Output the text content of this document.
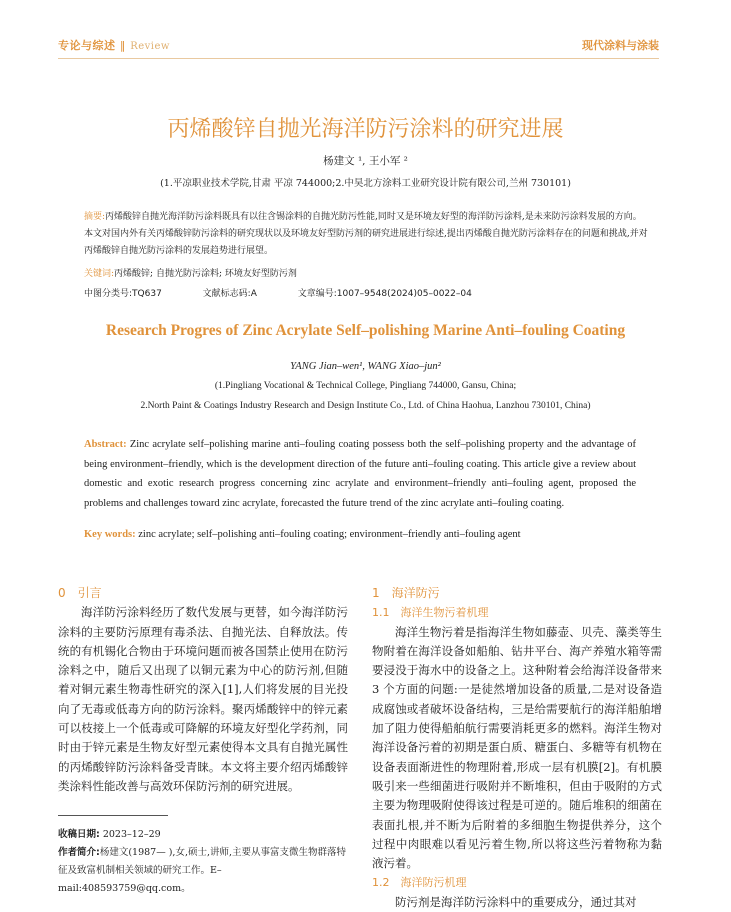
专论与综述 ‖ Review	现代涂料与涂装
丙烯酸锌自抛光海洋防污涂料的研究进展
杨建文 ¹, 王小军 ²
(1.平凉职业技术学院,甘肃 平凉 744000;2.中昊北方涂料工业研究设计院有限公司,兰州 730101)
摘要:丙烯酸锌自抛光海洋防污涂料既具有以往含锡涂料的自抛光防污性能,同时又是环境友好型的海洋防污涂料,是未来防污涂料发展的方向。本文对国内外有关丙烯酸锌防污涂料的研究现状以及环境友好型防污剂的研究进展进行综述,提出丙烯酸自抛光防污涂料存在的问题和挑战,并对丙烯酸锌自抛光防污涂料的发展趋势进行展望。
关键词:丙烯酸锌; 自抛光防污涂料; 环境友好型防污剂
中图分类号:TQ637	文献标志码:A	文章编号:1007–9548(2024)05–0022–04
Research Progres of Zinc Acrylate Self–polishing Marine Anti–fouling Coating
YANG Jian–wen¹, WANG Xiao–jun²
(1.Pingliang Vocational & Technical College, Pingliang 744000, Gansu, China;
2.North Paint & Coatings Industry Research and Design Institute Co., Ltd. of China Haohua, Lanzhou 730101, China)
Abstract: Zinc acrylate self–polishing marine anti–fouling coating possess both the self–polishing property and the advantage of being environment–friendly, which is the development direction of the future anti–fouling coating. This article give a review about domestic and exotic research progress concerning zinc acrylate and environment–friendly anti–fouling agent, proposed the problems and challenges toward zinc acrylate, forecasted the future trend of the zinc acrylate anti–fouling coating.
Key words: zinc acrylate; self–polishing anti–fouling coating; environment–friendly anti–fouling agent
0　引言

海洋防污涂料经历了数代发展与更替，如今海洋防污涂料的主要防污原理有毒杀法、自抛光法、自释放法。传统的有机锡化合物由于环境问题而被各国禁止使用在防污涂料之中，随后又出现了以铜元素为中心的防污剂,但随着对铜元素生物毒性研究的深入[1],人们将发展的目光投向了无毒或低毒方向的防污涂料。聚丙烯酸锌中的锌元素可以枝接上一个低毒或可降解的环境友好型化学药剂，同时由于锌元素是生物友好型元素使得本文具有自抛光属性的丙烯酸锌防污涂料备受青睐。本文将主要介绍丙烯酸锌类涂料性能改善与高效环保防污剂的研究进展。

收稿日期: 2023–12–29
作者简介:杨建文(1987— ),女,硕士,讲师,主要从事富支微生物群落特征及致富机制相关领域的研究工作。E–mail:408593759@qq.com。
1　海洋防污
1.1　海洋生物污着机理

海洋生物污着是指海洋生物如藤壶、贝壳、藻类等生物附着在海洋设备如船舶、钻井平台、海产养殖水箱等需要浸没于海水中的设备之上。这种附着会给海洋设备带来 3 个方面的问题:一是徒然增加设备的质量,二是对设备造成腐蚀或者破坏设备结构，三是给需要航行的海洋船舶增加了阻力使得船舶航行需要消耗更多的燃料。海洋生物对海洋设备污着的初期是蛋白质、糖蛋白、多糖等有机物在设备表面渐进性的物理附着,形成一层有机膜[2]。有机膜吸引来一些细菌进行吸附并不断堆积，但由于吸附的方式主要为物理吸附使得该过程是可逆的。随后堆积的细菌在表面扎根,并不断为后附着的多细胞生物提供养分，这个过程中肉眼难以看见污着生物,所以将这些污着物称为黏液污着。

1.2　海洋防污机理

防污剂是海洋防污涂料中的重要成分，通过其对
